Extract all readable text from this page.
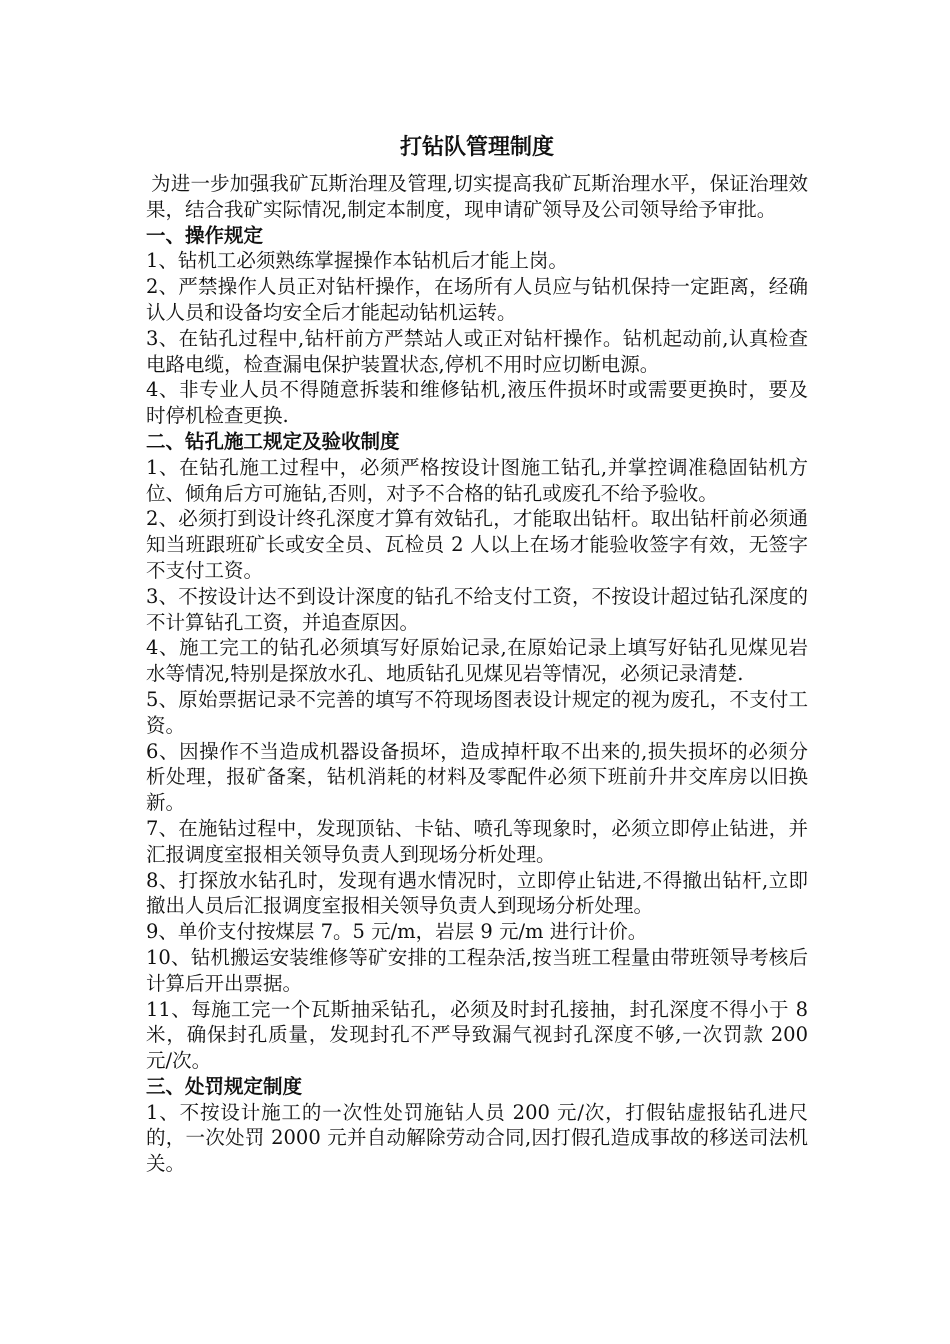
打钻队管理制度

为进一步加强我矿瓦斯治理及管理,切实提高我矿瓦斯治理水平，保证治理效果，结合我矿实际情况,制定本制度，现申请矿领导及公司领导给予审批。

一、操作规定

1、钻机工必须熟练掌握操作本钻机后才能上岗。

2、严禁操作人员正对钻杆操作，在场所有人员应与钻机保持一定距离，经确认人员和设备均安全后才能起动钻机运转。

3、在钻孔过程中,钻杆前方严禁站人或正对钻杆操作。钻机起动前,认真检查电路电缆，检查漏电保护装置状态,停机不用时应切断电源。

4、非专业人员不得随意拆装和维修钻机,液压件损坏时或需要更换时，要及时停机检查更换.

二、钻孔施工规定及验收制度

1、在钻孔施工过程中，必须严格按设计图施工钻孔,并掌控调准稳固钻机方位、倾角后方可施钻,否则，对予不合格的钻孔或废孔不给予验收。

2、必须打到设计终孔深度才算有效钻孔，才能取出钻杆。取出钻杆前必须通知当班跟班矿长或安全员、瓦检员 2 人以上在场才能验收签字有效，无签字不支付工资。

3、不按设计达不到设计深度的钻孔不给支付工资，不按设计超过钻孔深度的不计算钻孔工资，并追查原因。

4、施工完工的钻孔必须填写好原始记录,在原始记录上填写好钻孔见煤见岩水等情况,特别是探放水孔、地质钻孔见煤见岩等情况，必须记录清楚.

5、原始票据记录不完善的填写不符现场图表设计规定的视为废孔，不支付工资。

6、因操作不当造成机器设备损坏，造成掉杆取不出来的,损失损坏的必须分析处理，报矿备案，钻机消耗的材料及零配件必须下班前升井交库房以旧换新。

7、在施钻过程中，发现顶钻、卡钻、喷孔等现象时，必须立即停止钻进，并汇报调度室报相关领导负责人到现场分析处理。

8、打探放水钻孔时，发现有遇水情况时，立即停止钻进,不得撤出钻杆,立即撤出人员后汇报调度室报相关领导负责人到现场分析处理。

9、单价支付按煤层 7。5 元/m，岩层 9 元/m 进行计价。

10、钻机搬运安装维修等矿安排的工程杂活,按当班工程量由带班领导考核后计算后开出票据。

11、每施工完一个瓦斯抽采钻孔，必须及时封孔接抽，封孔深度不得小于 8 米，确保封孔质量，发现封孔不严导致漏气视封孔深度不够,一次罚款 200 元/次。

三、处罚规定制度

1、不按设计施工的一次性处罚施钻人员 200 元/次，打假钻虚报钻孔进尺的，一次处罚 2000 元并自动解除劳动合同,因打假孔造成事故的移送司法机关。
